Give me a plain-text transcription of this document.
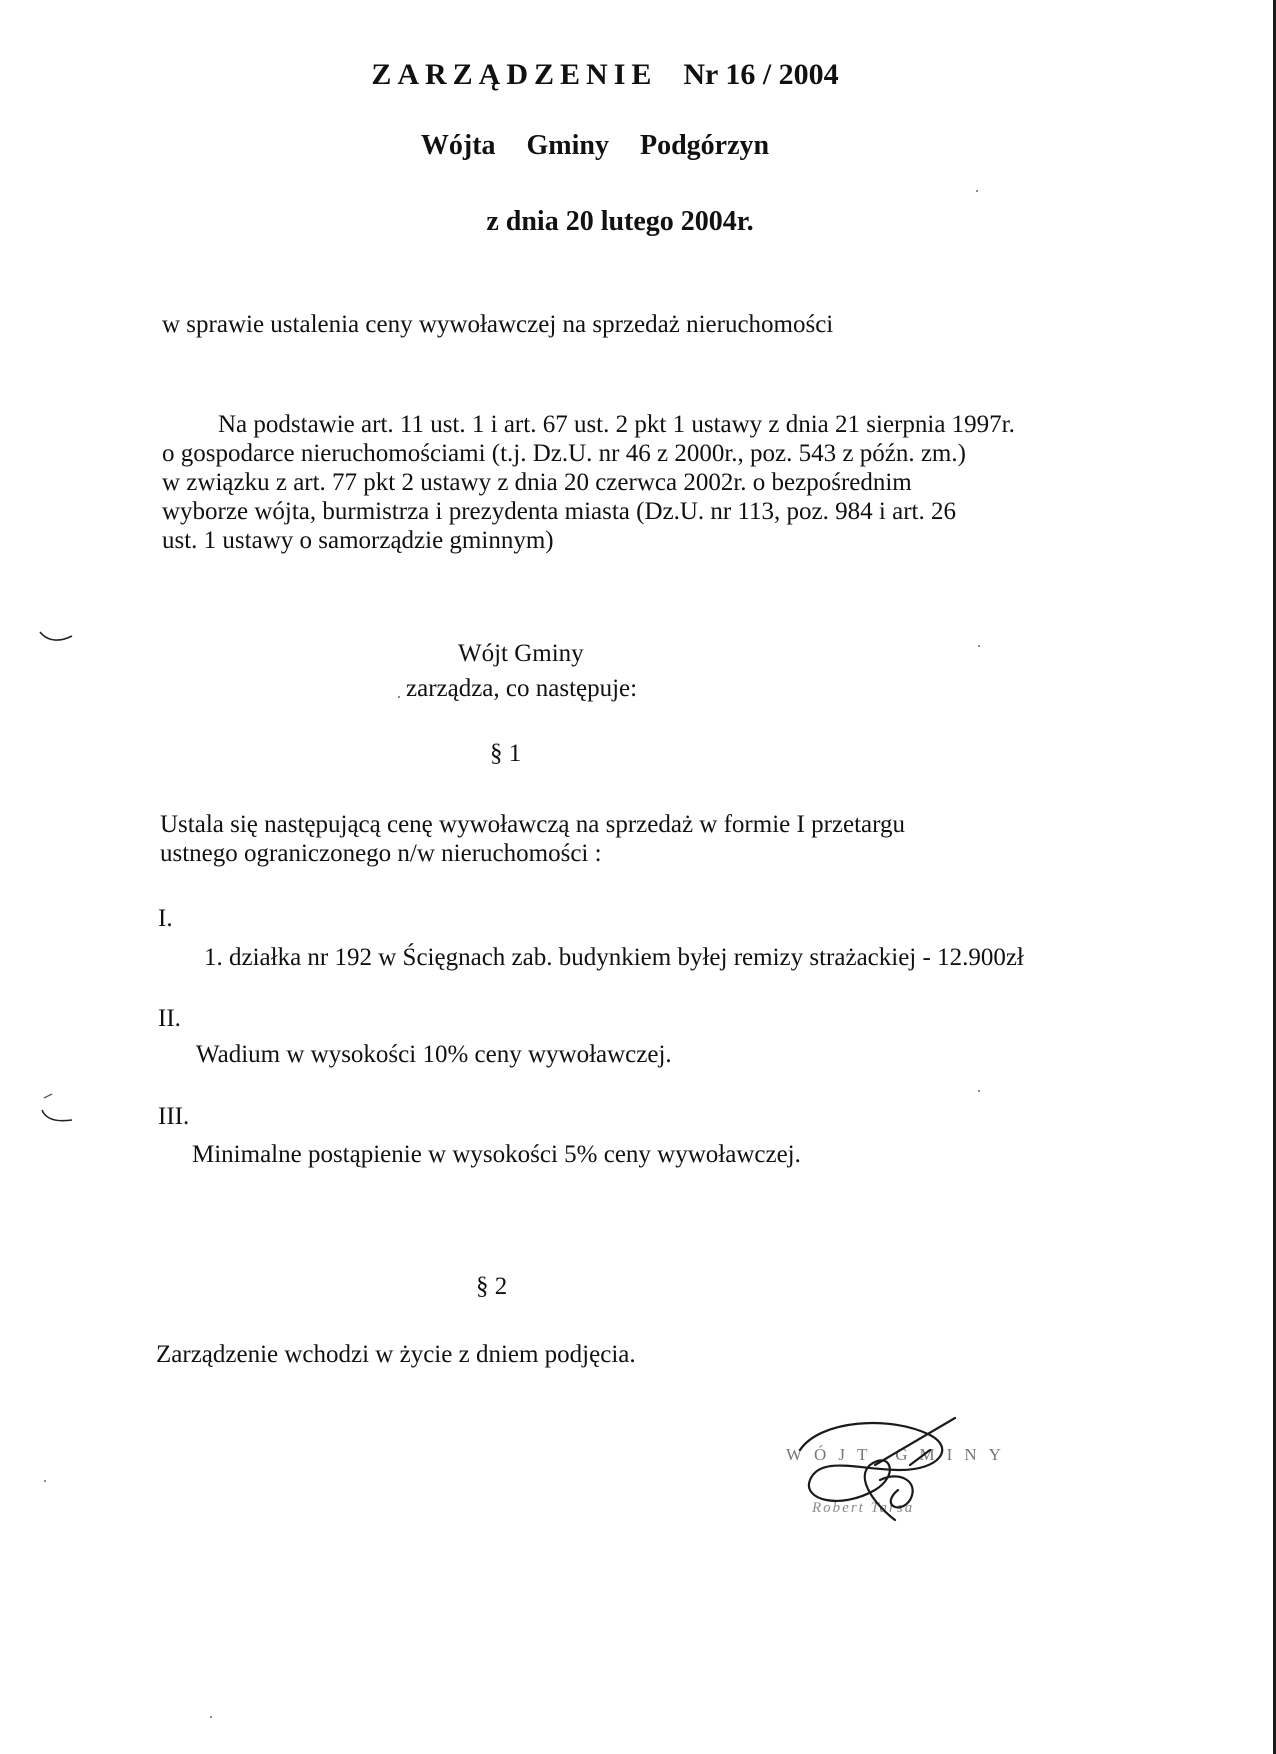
ZARZĄDZENIE Nr 16 / 2004
Wójta Gminy Podgórzyn
z dnia 20 lutego 2004r.
w sprawie ustalenia ceny wywoławczej na sprzedaż nieruchomości
Na podstawie art. 11 ust. 1 i art. 67 ust. 2 pkt 1 ustawy z dnia 21 sierpnia 1997r.
o gospodarce nieruchomościami (t.j. Dz.U. nr 46 z 2000r., poz. 543 z późn. zm.)
w związku z art. 77 pkt 2 ustawy z dnia 20 czerwca 2002r. o bezpośrednim
wyborze wójta, burmistrza i prezydenta miasta (Dz.U. nr 113, poz. 984 i art. 26
ust. 1 ustawy o samorządzie gminnym)
Wójt Gminy
zarządza, co następuje:
§ 1
Ustala się następującą cenę wywoławczą na sprzedaż w formie I przetargu
ustnego ograniczonego n/w nieruchomości :
I.
1. działka nr 192 w Ścięgnach zab. budynkiem byłej remizy strażackiej - 12.900zł
II.
Wadium w wysokości 10% ceny wywoławczej.
III.
Minimalne postąpienie w wysokości 5% ceny wywoławczej.
§ 2
Zarządzenie wchodzi w życie z dniem podjęcia.
WÓJT GMINY
Robert Tarsa
